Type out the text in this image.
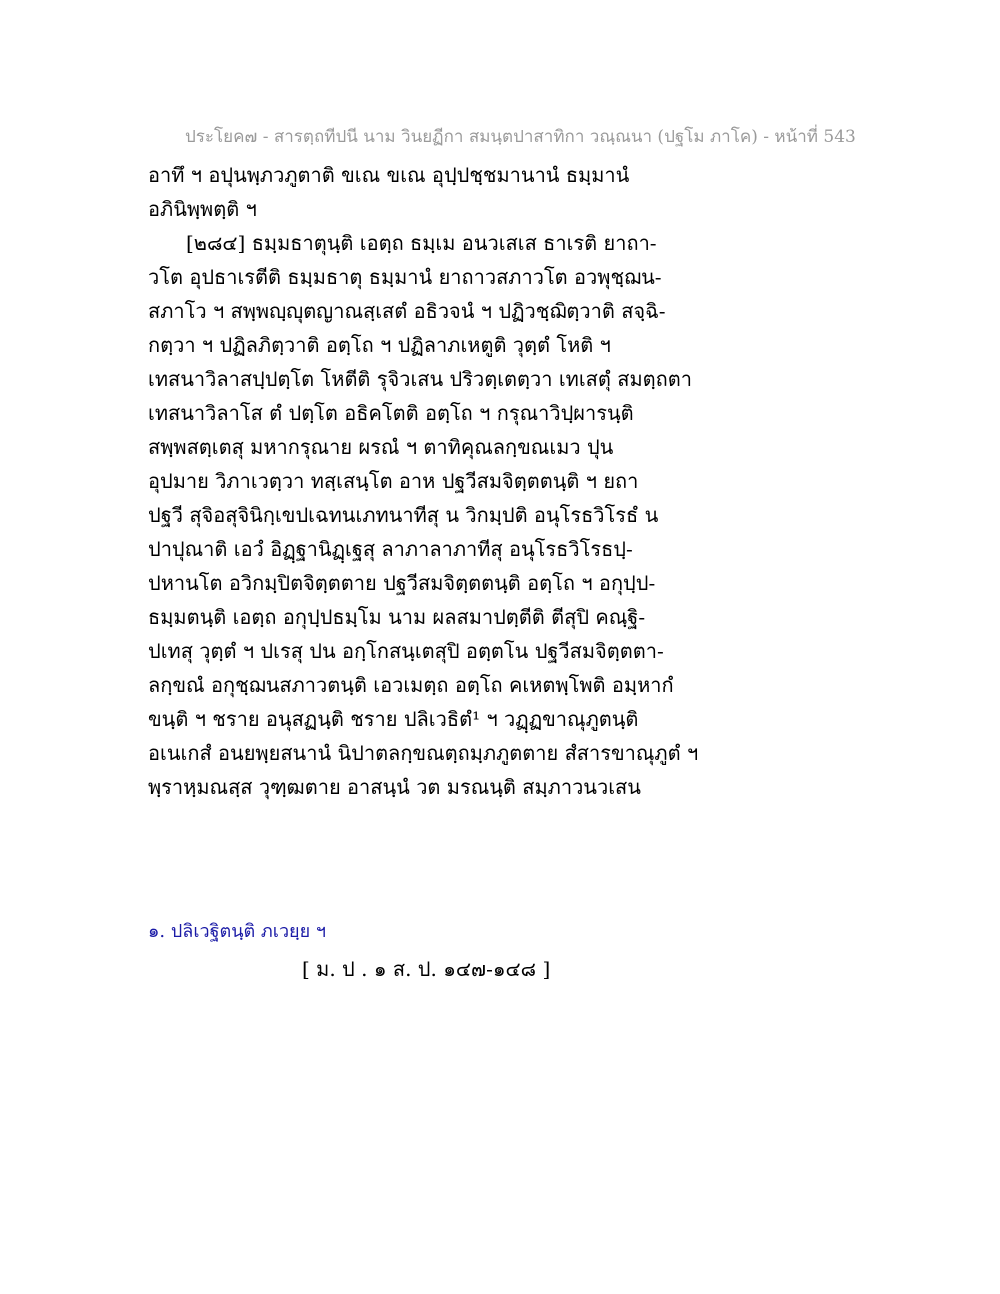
ประโยค๗ - สารตฺถทีปนี นาม วินยฏีกา สมนฺตปาสาทิกา วณฺณนา (ปฐโม ภาโค) - หน้าที่ 543
อาทึ ฯ อปุนพฺภวภูตาติ ขเณ ขเณ อุปฺปชฺชมานานํ ธมฺมานํ
อภินิพฺพตฺติ ฯ
[๒๘๔] ธมฺมธาตุนฺติ เอตฺถ ธมฺเม อนวเสเส ธาเรติ ยาถา-
วโต อุปธาเรตีติ ธมฺมธาตุ ธมฺมานํ ยาถาวสภาวโต อวพุชฺฌน-
สภาโว ฯ สพฺพญฺญุตญาณสฺเสตํ อธิวจนํ ฯ ปฏิวชฺฌิตฺวาติ สจฺฉิ-
กตฺวา ฯ ปฏิลภิตฺวาติ อตฺโถ ฯ ปฏิลาภเหตูติ วุตฺตํ โหติ ฯ
เทสนาวิลาสปฺปตฺโต โหตีติ รุจิวเสน ปริวตฺเตตฺวา เทเสตุํ สมตฺถตา
เทสนาวิลาโส ตํ ปตฺโต อธิคโตติ อตฺโถ ฯ กรุณาวิปฺผารนฺติ
สพฺพสตฺเตสุ มหากรุณาย ผรณํ ฯ ตาทิคุณลกฺขณเมว ปุน
อุปมาย วิภาเวตฺวา ทสฺเสนฺโต อาห ปฐวีสมจิตฺตตนฺติ ฯ ยถา
ปฐวี สุจิอสุจินิกฺเขปเฉทนเภทนาทีสุ น วิกมฺปติ อนุโรธวิโรธํ น
ปาปุณาติ เอวํ อิฏฺฐานิฏฺเฐสุ ลาภาลาภาทีสุ อนุโรธวิโรธปฺ-
ปหานโต อวิกมฺปิตจิตฺตตาย ปฐวีสมจิตฺตตนฺติ อตฺโถ ฯ อกุปฺป-
ธมฺมตนฺติ เอตฺถ อกุปฺปธมฺโม นาม ผลสมาปตฺตีติ ตีสุปิ คณฺฐิ-
ปเทสุ วุตฺตํ ฯ ปเรสุ ปน อกฺโกสนฺเตสุปิ อตฺตโน ปฐวีสมจิตฺตตา-
ลกฺขณํ อกุชฺฌนสภาวตนฺติ เอวเมตฺถ อตฺโถ คเหตพฺโพติ อมฺหากํ
ขนฺติ ฯ ชราย อนุสฏนฺติ ชราย ปลิเวธิตํ¹ ฯ วฏฺฏขาณุภูตนฺติ
อเนเกสํ อนยพฺยสนานํ นิปาตลกฺขณตฺถมฺภภูตตาย สํสารขาณุภูตํ ฯ
พฺราหฺมณสฺส วุฑฺฒตาย อาสนฺนํ วต มรณนฺติ สมฺภาวนวเสน
๑. ปลิเวฐิตนฺติ ภเวยฺย ฯ
[ ม. ป . ๑ ส. ป. ๑๔๗-๑๔๘ ]
